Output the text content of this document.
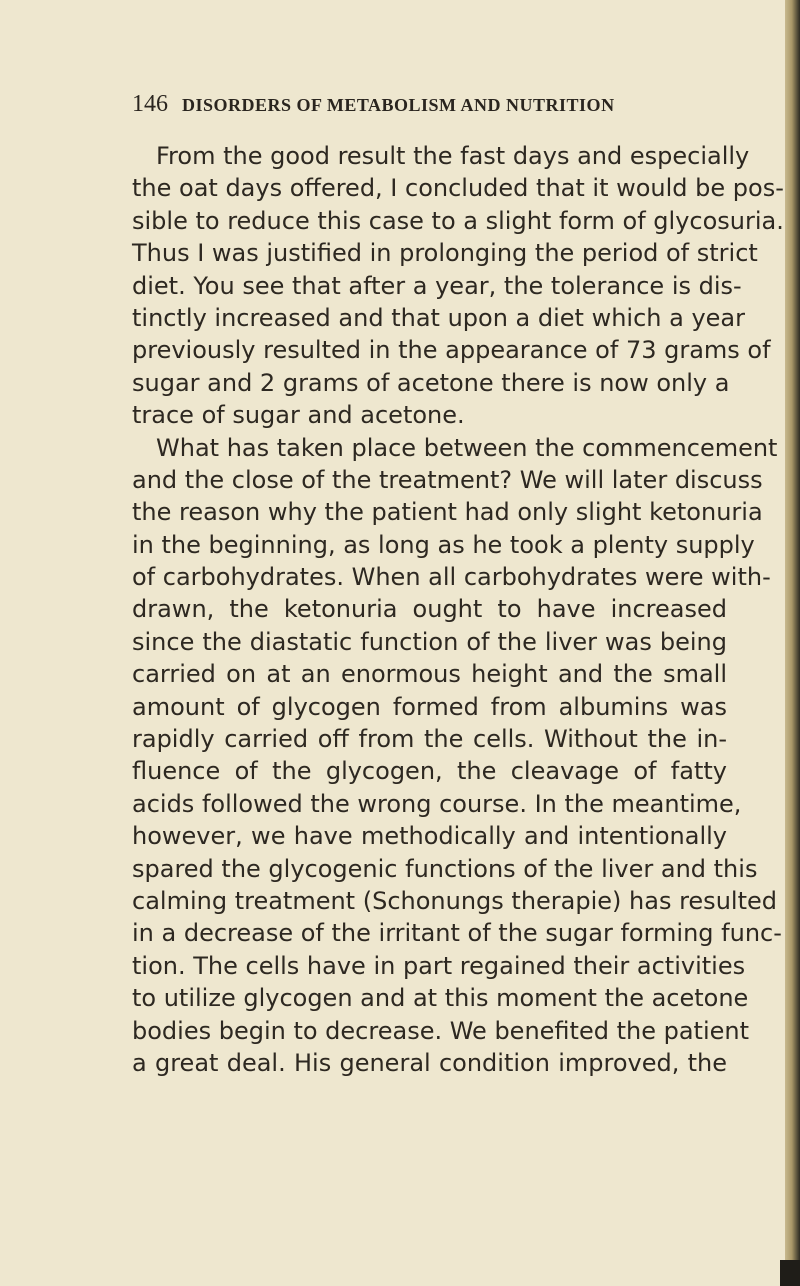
146 DISORDERS OF METABOLISM AND NUTRITION
From the good result the fast days and especially
the oat days offered, I concluded that it would be pos-
sible to reduce this case to a slight form of glycosuria.
Thus I was justified in prolonging the period of strict
diet. You see that after a year, the tolerance is dis-
tinctly increased and that upon a diet which a year
previously resulted in the appearance of 73 grams of
sugar and 2 grams of acetone there is now only a
trace of sugar and acetone.
What has taken place between the commencement
and the close of the treatment? We will later discuss
the reason why the patient had only slight ketonuria
in the beginning, as long as he took a plenty supply
of carbohydrates. When all carbohydrates were with-
drawn, the ketonuria ought to have increased
since the diastatic function of the liver was being
carried on at an enormous height and the small
amount of glycogen formed from albumins was
rapidly carried off from the cells. Without the in-
fluence of the glycogen, the cleavage of fatty
acids followed the wrong course. In the meantime,
however, we have methodically and intentionally
spared the glycogenic functions of the liver and this
calming treatment (Schonungs therapie) has resulted
in a decrease of the irritant of the sugar forming func-
tion. The cells have in part regained their activities
to utilize glycogen and at this moment the acetone
bodies begin to decrease. We benefited the patient
a great deal. His general condition improved, the
